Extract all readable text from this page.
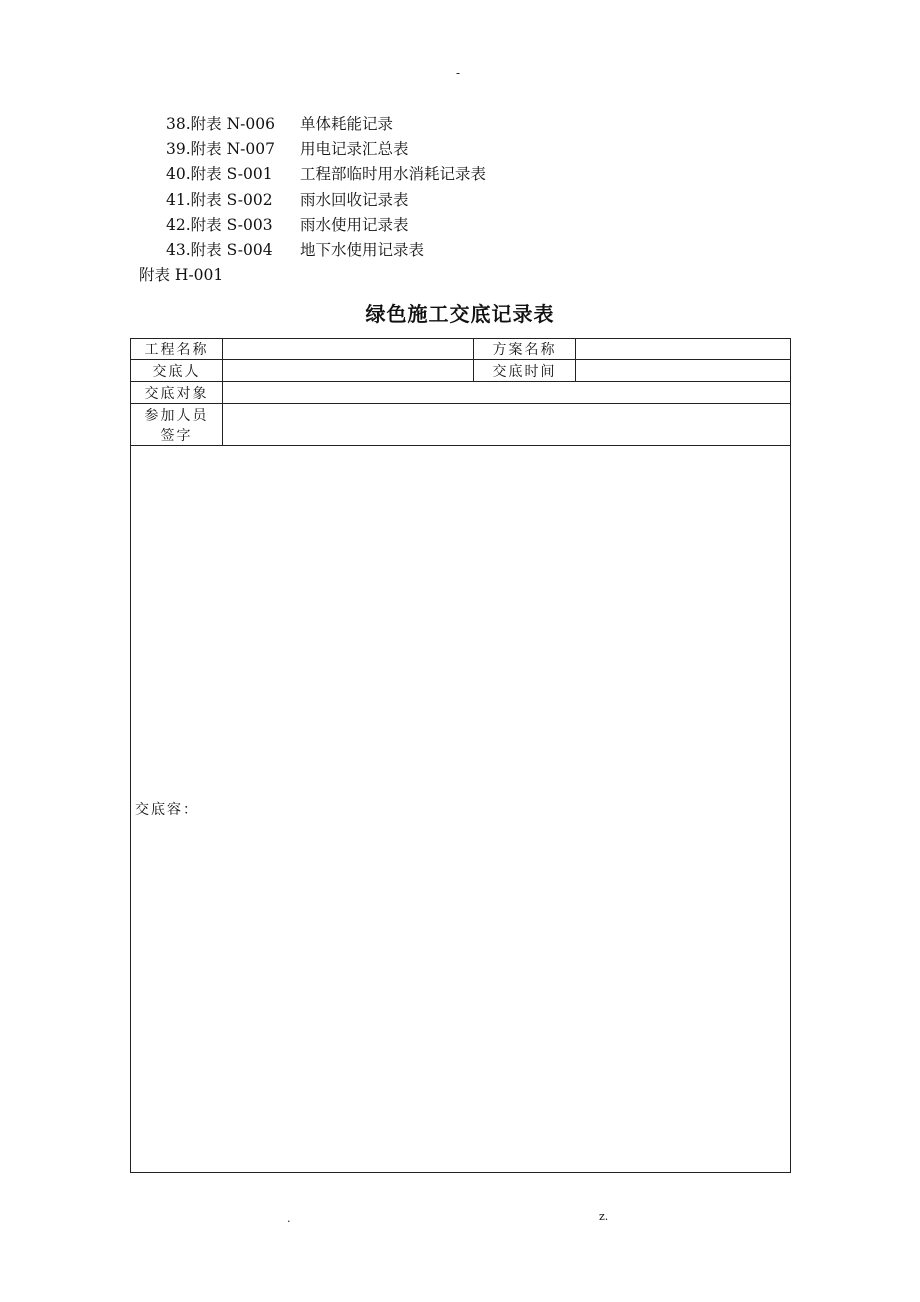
-
38.附表 N-006 单体耗能记录
39.附表 N-007 用电记录汇总表
40.附表 S-001 工程部临时用水消耗记录表
41.附表 S-002 雨水回收记录表
42.附表 S-003 雨水使用记录表
43.附表 S-004 地下水使用记录表
附表 H-001
绿色施工交底记录表
工程名称		方案名称	
交底人		交底时间	
交底对象			

参加人员
签字			

交底容：			
.	z.
